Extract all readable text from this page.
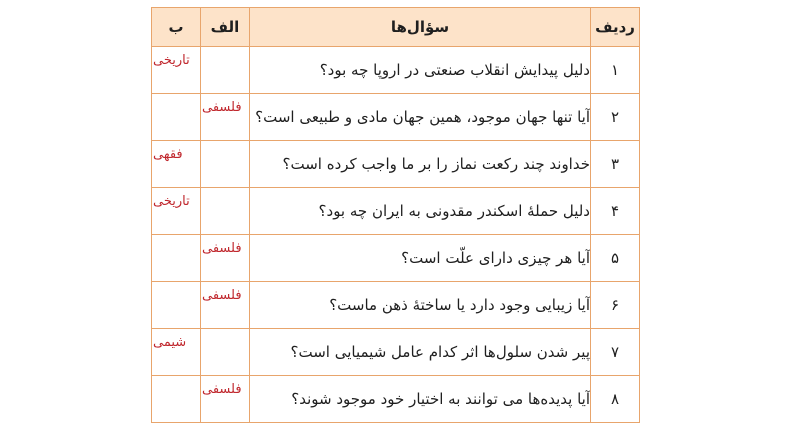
ردیف	سؤال‌ها	الف	ب
۱	دلیل پیدایش انقلاب صنعتی در اروپا چه بود؟		تاریخی

۲	آیا تنها جهان موجود، همین جهان مادی و طبیعی است؟	فلسفی	

۳	خداوند چند رکعت نماز را بر ما واجب کرده است؟		فقهی

۴	دلیل حملهٔ اسکندر مقدونی به ایران چه بود؟		تاریخی

۵	آیا هر چیزی دارای علّت است؟	فلسفی	

۶	آیا زیبایی وجود دارد یا ساختهٔ ذهن ماست؟	فلسفی	

۷	پیر شدن سلول‌ها اثر کدام عامل شیمیایی است؟		شیمی

۸	آیا پدیده‌ها می توانند به اختیار خود موجود شوند؟	فلسفی	
